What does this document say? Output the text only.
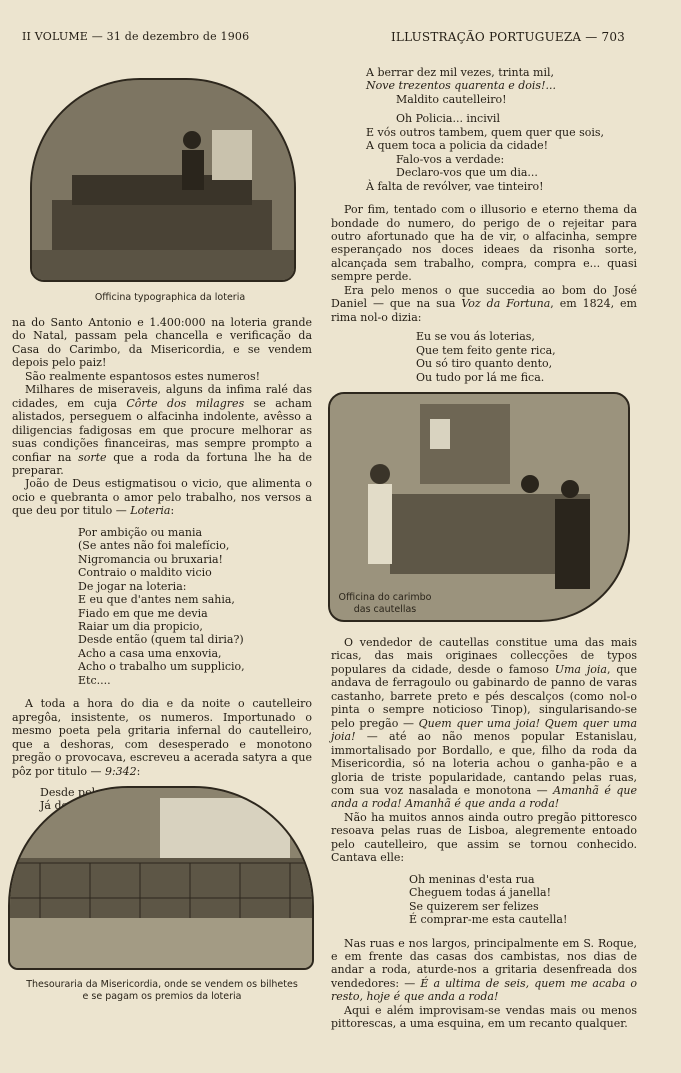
II VOLUME — 31 de dezembro de 1906	ILLUSTRAÇÃO PORTUGUEZA — 703
Officina typographica da loteria

na do Santo Antonio e 1.400:000 na loteria grande do Natal, passam pela chancella e verificação da Casa do Carimbo, da Misericordia, e se vendem depois pelo paiz!

São realmente espantosos estes numeros!

Milhares de miseraveis, alguns da infima ralé das cidades, em cuja Côrte dos milagres se acham alistados, perseguem o alfacinha indolente, avêsso a diligencias fadigosas em que procure melhorar as suas condições financeiras, mas sempre prompto a confiar na sorte que a roda da fortuna lhe ha de preparar.

João de Deus estigmatisou o vicio, que alimenta o ocio e quebranta o amor pelo trabalho, nos versos a que deu por titulo — Loteria:

Por ambição ou mania
(Se antes não foi malefício,
Nigromancia ou bruxaria!
Contraio o maldito vicio
De jogar na loteria:
E eu que d'antes nem sahia,
Fiado em que me devia
Raiar um dia propicio,
Desde então (quem tal diria?)
Acho a casa uma enxovia,
Acho o trabalho um supplicio,
Etc....

A toda a hora do dia e da noite o cautelleiro apregôa, insistente, os numeros. Importunado o mesmo poeta pela gritaria infernal do cautelleiro, que a deshoras, com desesperado e monotono pregão o provocava, escreveu a acerada satyra a que pôz por titulo — 9:342:

Thesouraria da Misericordia, onde se vendem os bilhetes
e se pagam os premios da loteria
A berrar dez mil vezes, trinta mil,
Nove trezentos quarenta e dois!...
Maldito cautelleiro!
Oh Policia... incivil
E vós outros tambem, quem quer que sois,
A quem toca a policia da cidade!
Falo-vos a verdade:
Declaro-vos que um dia...
À falta de revólver, vae tinteiro!

Por fim, tentado com o illusorio e eterno thema da bondade do numero, do perigo de o rejeitar para outro afortunado que ha de vir, o alfacinha, sempre esperançado nos doces ideaes da risonha sorte, alcançada sem trabalho, compra, compra e... quasi sempre perde.

Era pelo menos o que succedia ao bom do José Daniel — que na sua Voz da Fortuna, em 1824, em rima nol-o dizia:

Eu se vou ás loterias,
Que tem feito gente rica,
Ou só tiro quanto dento,
Ou tudo por lá me fica.
Officina do carimbo
das cautellas

O vendedor de cautellas constitue uma das mais ricas, das mais originaes collecções de typos populares da cidade, desde o famoso Uma joia, que andava de ferragoulo ou gabinardo de panno de varas castanho, barrete preto e pés descalços (como nol-o pinta o sempre noticioso Tinop), singularisando-se pelo pregão — Quem quer uma joia! Quem quer uma joia! — até ao não menos popular Estanislau, immortalisado por Bordallo, e que, filho da roda da Misericordia, só na loteria achou o ganha-pão e a gloria de triste popularidade, cantando pelas ruas, com sua voz nasalada e monotona — Amanhã é que anda a roda! Amanhã é que anda a roda!

Não ha muitos annos ainda outro pregão pittoresco resoava pelas ruas de Lisboa, alegremente entoado pelo cautelleiro, que assim se tornou conhecido. Cantava elle:

Oh meninas d'esta rua
Cheguem todas á janella!
Se quizerem ser felizes
É comprar-me esta cautella!

Nas ruas e nos largos, principalmente em S. Roque, e em frente das casas dos cambistas, nos dias de andar a roda, aturde-nos a gritaria desenfreada dos vendedores: — É a ultima de seis, quem me acaba o resto, hoje é que anda a roda!

Aqui e além improvisam-se vendas mais ou menos pittorescas, a uma esquina, em um recanto qualquer.
